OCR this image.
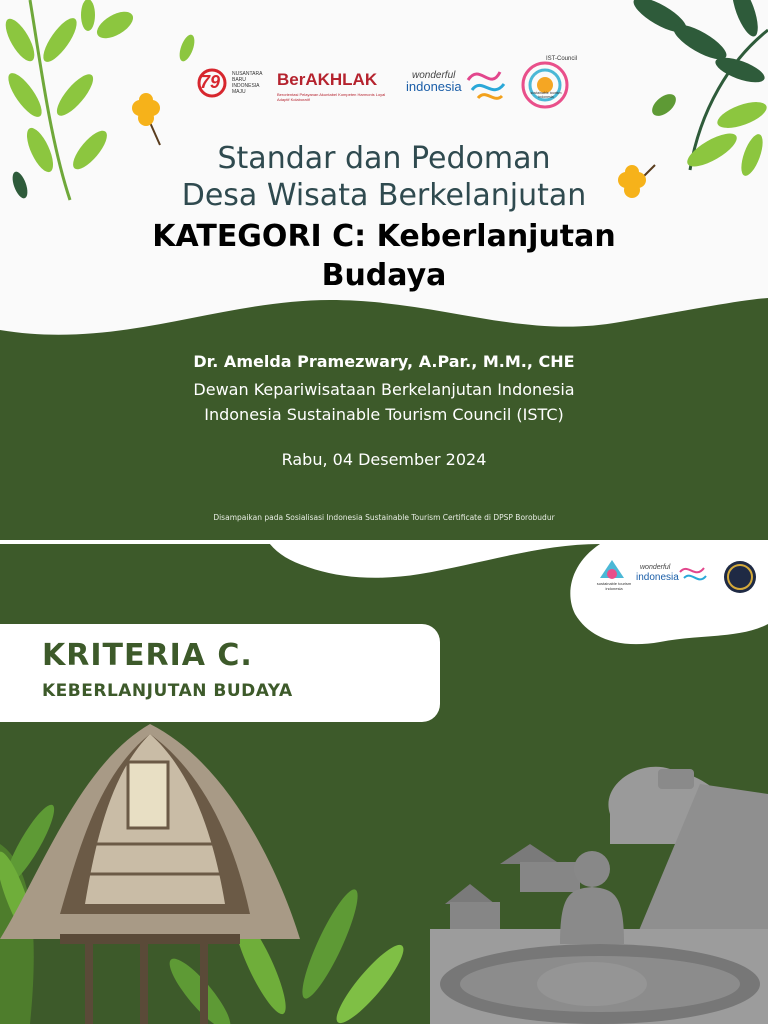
79 NUSANTARA BARU INDONESIA MAJU
BerAKHLAK
Berorientasi Pelayanan Akuntabel Kompeten Harmonis Loyal Adaptif Kolaboratif
wonderful
indonesia
IST-Council
sustainable tourism indonesia
Standar dan Pedoman
Desa Wisata Berkelanjutan
KATEGORI C: Keberlanjutan
Budaya
Dr. Amelda Pramezwary, A.Par., M.M., CHE
Dewan Kepariwisataan Berkelanjutan Indonesia
Indonesia Sustainable Tourism Council (ISTC)
Rabu, 04 Desember 2024
Disampaikan pada Sosialisasi Indonesia Sustainable Tourism Certificate di DPSP Borobudur
sustainable tourism indonesia
wonderful
indonesia
KRITERIA C.
KEBERLANJUTAN BUDAYA
